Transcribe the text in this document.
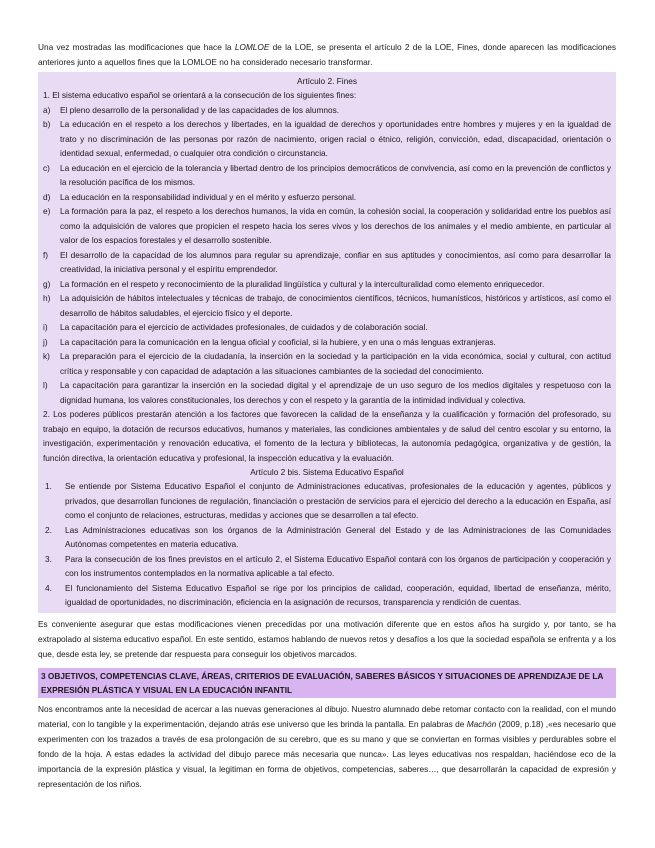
Una vez mostradas las modificaciones que hace la LOMLOE de la LOE, se presenta el artículo 2 de la LOE, Fines, donde aparecen las modificaciones anteriores junto a aquellos fines que la LOMLOE no ha considerado necesario transformar.

Artículo 2. Fines

1. El sistema educativo español se orientará a la consecución de los siguientes fines:

a)	El pleno desarrollo de la personalidad y de las capacidades de los alumnos.
b)	La educación en el respeto a los derechos y libertades, en la igualdad de derechos y oportunidades entre hombres y mujeres y en la igualdad de trato y no discriminación de las personas por razón de nacimiento, origen racial o étnico, religión, convicción, edad, discapacidad, orientación o identidad sexual, enfermedad, o cualquier otra condición o circunstancia.
c)	La educación en el ejercicio de la tolerancia y libertad dentro de los principios democráticos de convivencia, así como en la prevención de conflictos y la resolución pacífica de los mismos.
d)	La educación en la responsabilidad individual y en el mérito y esfuerzo personal.
e)	La formación para la paz, el respeto a los derechos humanos, la vida en común, la cohesión social, la cooperación y solidaridad entre los pueblos así como la adquisición de valores que propicien el respeto hacia los seres vivos y los derechos de los animales y el medio ambiente, en particular al valor de los espacios forestales y el desarrollo sostenible.
f)	El desarrollo de la capacidad de los alumnos para regular su aprendizaje, confiar en sus aptitudes y conocimientos, así como para desarrollar la creatividad, la iniciativa personal y el espíritu emprendedor.
g)	La formación en el respeto y reconocimiento de la pluralidad lingüística y cultural y la interculturalidad como elemento enriquecedor.
h)	La adquisición de hábitos intelectuales y técnicas de trabajo, de conocimientos científicos, técnicos, humanísticos, históricos y artísticos, así como el desarrollo de hábitos saludables, el ejercicio físico y el deporte.
i)	La capacitación para el ejercicio de actividades profesionales, de cuidados y de colaboración social.
j)	La capacitación para la comunicación en la lengua oficial y cooficial, si la hubiere, y en una o más lenguas extranjeras.
k)	La preparación para el ejercicio de la ciudadanía, la inserción en la sociedad y la participación en la vida económica, social y cultural, con actitud crítica y responsable y con capacidad de adaptación a las situaciones cambiantes de la sociedad del conocimiento.
l)	La capacitación para garantizar la inserción en la sociedad digital y el aprendizaje de un uso seguro de los medios digitales y respetuoso con la dignidad humana, los valores constitucionales, los derechos y con el respeto y la garantía de la intimidad individual y colectiva.

2. Los poderes públicos prestarán atención a los factores que favorecen la calidad de la enseñanza y la cualificación y formación del profesorado, su trabajo en equipo, la dotación de recursos educativos, humanos y materiales, las condiciones ambientales y de salud del centro escolar y su entorno, la investigación, experimentación y renovación educativa, el fomento de la lectura y bibliotecas, la autonomía pedagógica, organizativa y de gestión, la función directiva, la orientación educativa y profesional, la inspección educativa y la evaluación.

Artículo 2 bis. Sistema Educativo Español

1.	Se entiende por Sistema Educativo Español el conjunto de Administraciones educativas, profesionales de la educación y agentes, públicos y privados, que desarrollan funciones de regulación, financiación o prestación de servicios para el ejercicio del derecho a la educación en España, así como el conjunto de relaciones, estructuras, medidas y acciones que se desarrollen a tal efecto.
2.	Las Administraciones educativas son los órganos de la Administración General del Estado y de las Administraciones de las Comunidades Autónomas competentes en materia educativa.
3.	Para la consecución de los fines previstos en el artículo 2, el Sistema Educativo Español contará con los órganos de participación y cooperación y con los instrumentos contemplados en la normativa aplicable a tal efecto.
4.	El funcionamiento del Sistema Educativo Español se rige por los principios de calidad, cooperación, equidad, libertad de enseñanza, mérito, igualdad de oportunidades, no discriminación, eficiencia en la asignación de recursos, transparencia y rendición de cuentas.

Es conveniente asegurar que estas modificaciones vienen precedidas por una motivación diferente que en estos años ha surgido y, por tanto, se ha extrapolado al sistema educativo español. En este sentido, estamos hablando de nuevos retos y desafíos a los que la sociedad española se enfrenta y a los que, desde esta ley, se pretende dar respuesta para conseguir los objetivos marcados.

3 OBJETIVOS, COMPETENCIAS CLAVE, ÁREAS, CRITERIOS DE EVALUACIÓN, SABERES BÁSICOS Y SITUACIONES DE APRENDIZAJE DE LA EXPRESIÓN PLÁSTICA Y VISUAL EN LA EDUCACIÓN INFANTIL

Nos encontramos ante la necesidad de acercar a las nuevas generaciones al dibujo. Nuestro alumnado debe retomar contacto con la realidad, con el mundo material, con lo tangible y la experimentación, dejando atrás ese universo que les brinda la pantalla. En palabras de Machón (2009, p.18) ,«es necesario que experimenten con los trazados a través de esa prolongación de su cerebro, que es su mano y que se conviertan en formas visibles y perdurables sobre el fondo de la hoja. A estas edades la actividad del dibujo parece más necesaria que nunca». Las leyes educativas nos respaldan, haciéndose eco de la importancia de la expresión plástica y visual, la legitiman en forma de objetivos, competencias, saberes…, que desarrollarán la capacidad de expresión y representación de los niños.
